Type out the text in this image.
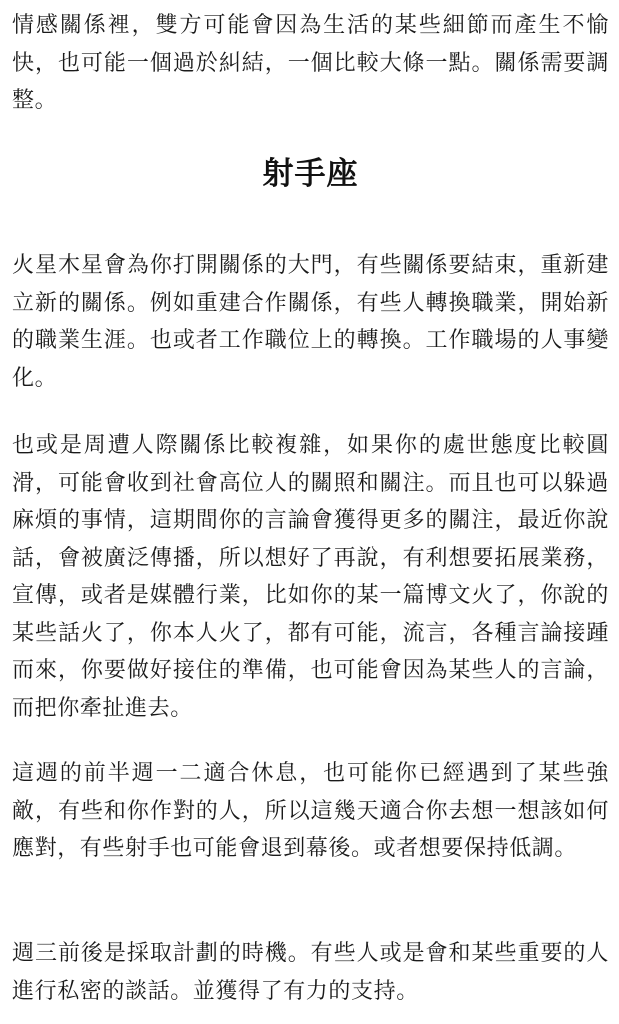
情感關係裡，雙方可能會因為生活的某些細節而產生不愉快，也可能一個過於糾結，一個比較大條一點。關係需要調整。

射手座

火星木星會為你打開關係的大門，有些關係要結束，重新建立新的關係。例如重建合作關係，有些人轉換職業，開始新的職業生涯。也或者工作職位上的轉換。工作職場的人事變化。

也或是周遭人際關係比較複雜，如果你的處世態度比較圓滑，可能會收到社會高位人的關照和關注。而且也可以躲過麻煩的事情，這期間你的言論會獲得更多的關注，最近你說話，會被廣泛傳播，所以想好了再說，有利想要拓展業務，宣傳，或者是媒體行業，比如你的某一篇博文火了，你說的某些話火了，你本人火了，都有可能，流言，各種言論接踵而來，你要做好接住的準備，也可能會因為某些人的言論，而把你牽扯進去。

這週的前半週一二適合休息，也可能你已經遇到了某些強敵，有些和你作對的人，所以這幾天適合你去想一想該如何應對，有些射手也可能會退到幕後。或者想要保持低調。

週三前後是採取計劃的時機。有些人或是會和某些重要的人進行私密的談話。並獲得了有力的支持。
